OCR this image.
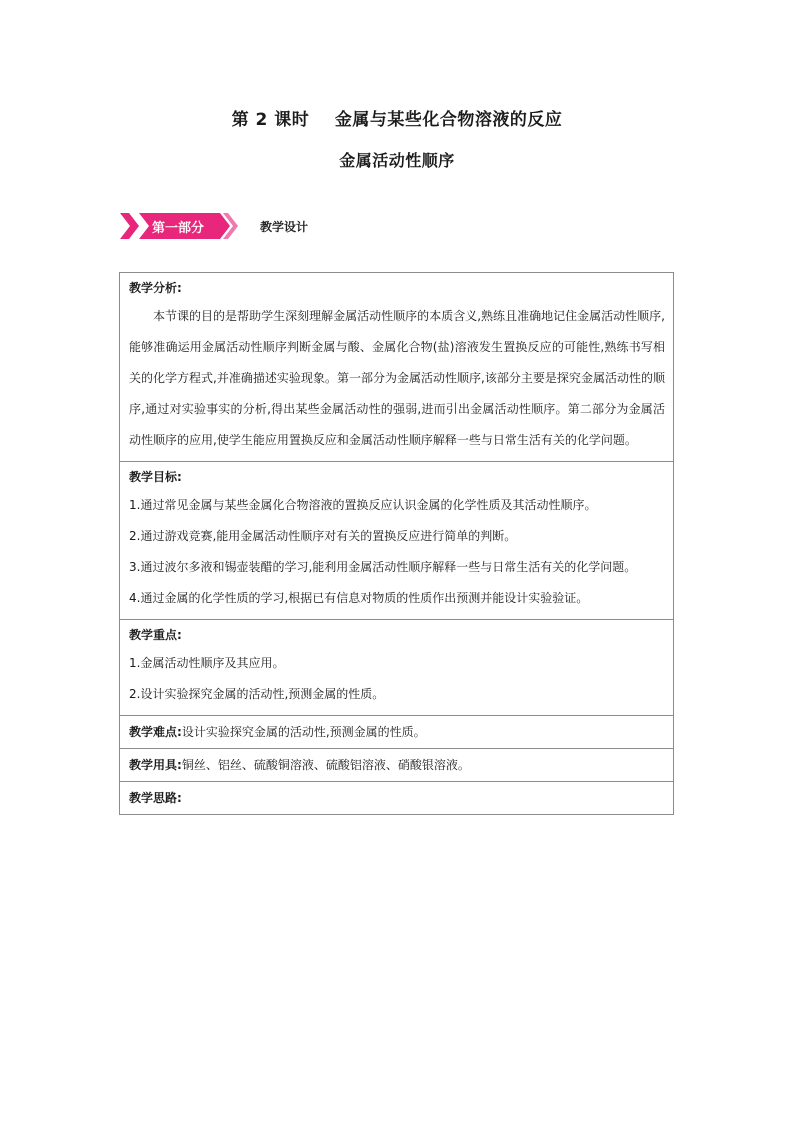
第 2 课时    金属与某些化合物溶液的反应
金属活动性顺序
第一部分	教学设计
教学分析:
本节课的目的是帮助学生深刻理解金属活动性顺序的本质含义,熟练且准确地记住金属活动性顺序,能够准确运用金属活动性顺序判断金属与酸、金属化合物(盐)溶液发生置换反应的可能性,熟练书写相关的化学方程式,并准确描述实验现象。第一部分为金属活动性顺序,该部分主要是探究金属活动性的顺序,通过对实验事实的分析,得出某些金属活动性的强弱,进而引出金属活动性顺序。第二部分为金属活动性顺序的应用,使学生能应用置换反应和金属活动性顺序解释一些与日常生活有关的化学问题。

教学目标:
1.通过常见金属与某些金属化合物溶液的置换反应认识金属的化学性质及其活动性顺序。
2.通过游戏竞赛,能用金属活动性顺序对有关的置换反应进行简单的判断。
3.通过波尔多液和锡壶装醋的学习,能利用金属活动性顺序解释一些与日常生活有关的化学问题。
4.通过金属的化学性质的学习,根据已有信息对物质的性质作出预测并能设计实验验证。

教学重点:
1.金属活动性顺序及其应用。
2.设计实验探究金属的活动性,预测金属的性质。

教学难点:设计实验探究金属的活动性,预测金属的性质。
教学用具:铜丝、铝丝、硫酸铜溶液、硫酸铝溶液、硝酸银溶液。
教学思路:
